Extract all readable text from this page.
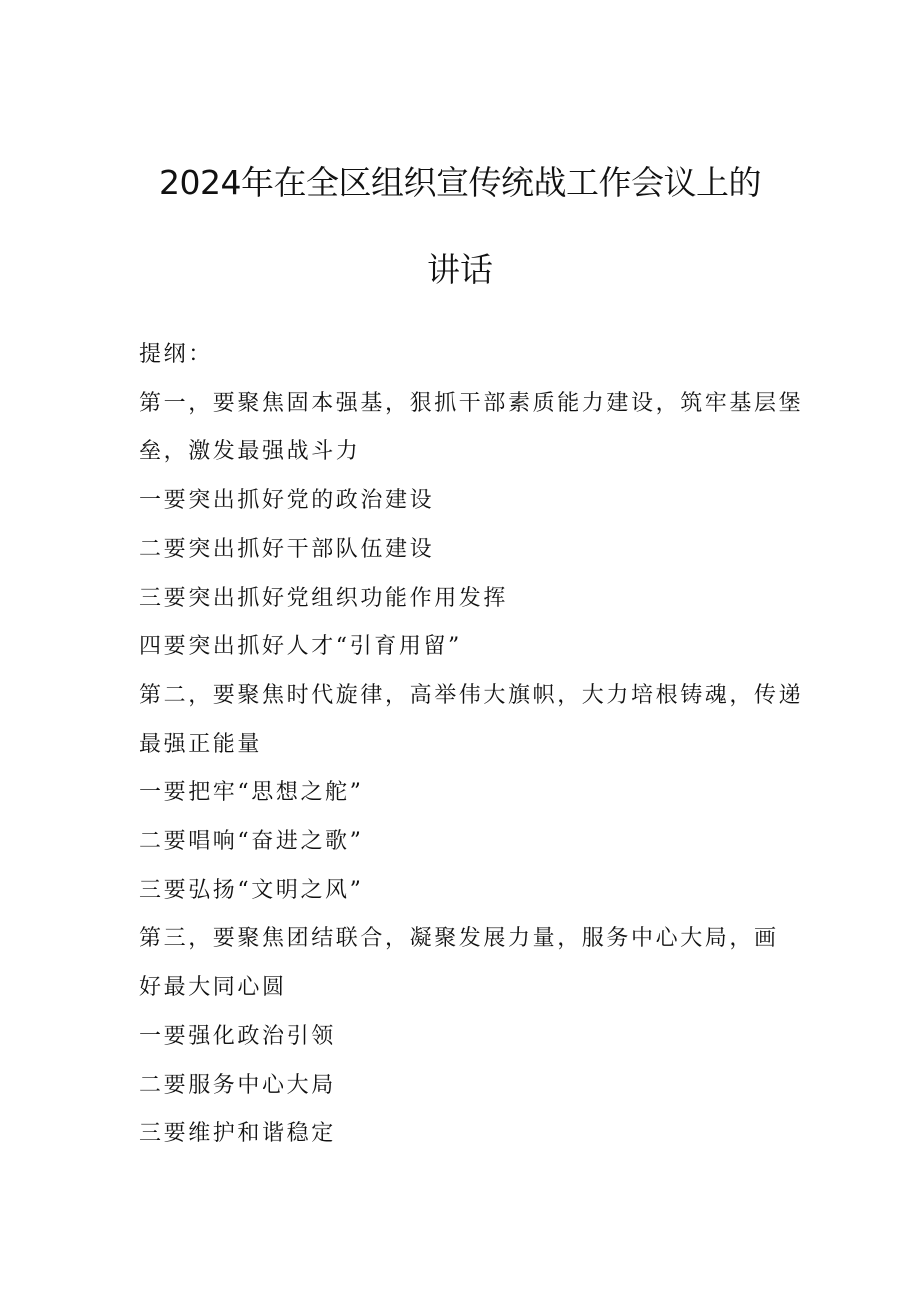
2024年在全区组织宣传统战工作会议上的
讲话

提纲：

第一，要聚焦固本强基，狠抓干部素质能力建设，筑牢基层堡

垒，激发最强战斗力

一要突出抓好党的政治建设

二要突出抓好干部队伍建设

三要突出抓好党组织功能作用发挥

四要突出抓好人才“引育用留”

第二，要聚焦时代旋律，高举伟大旗帜，大力培根铸魂，传递

最强正能量

一要把牢“思想之舵”

二要唱响“奋进之歌”

三要弘扬“文明之风”

第三，要聚焦团结联合，凝聚发展力量，服务中心大局，画

好最大同心圆

一要强化政治引领

二要服务中心大局

三要维护和谐稳定
